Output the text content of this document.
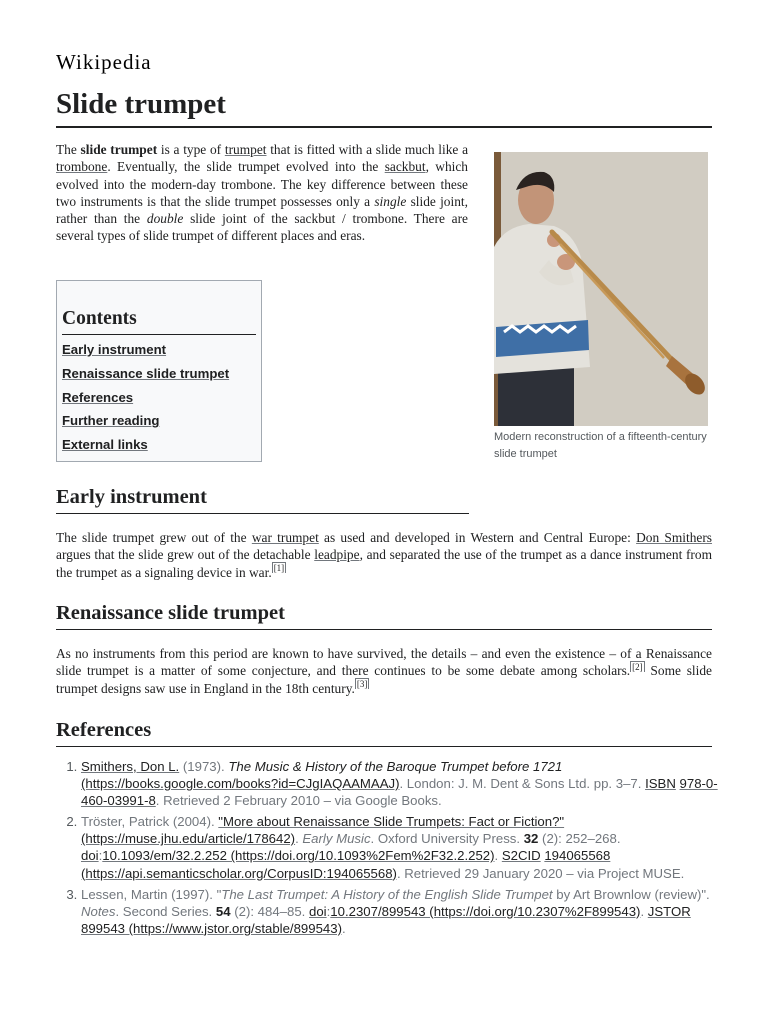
Wikipedia
Slide trumpet

The slide trumpet is a type of trumpet that is fitted with a slide much like a trombone. Eventually, the slide trumpet evolved into the sackbut, which evolved into the modern-day trombone. The key difference between these two instruments is that the slide trumpet possesses only a single slide joint, rather than the double slide joint of the sackbut / trombone. There are several types of slide trumpet of different places and eras.

Modern reconstruction of a fifteenth-century slide trumpet
Contents
Early instrument
Renaissance slide trumpet
References
Further reading
External links
Early instrument

The slide trumpet grew out of the war trumpet as used and developed in Western and Central Europe: Don Smithers argues that the slide grew out of the detachable leadpipe, and separated the use of the trumpet as a dance instrument from the trumpet as a signaling device in war. [1]

Renaissance slide trumpet

As no instruments from this period are known to have survived, the details – and even the existence – of a Renaissance slide trumpet is a matter of some conjecture, and there continues to be some debate among scholars. [2] Some slide trumpet designs saw use in England in the 18th century. [3]

References
1. Smithers, Don L. (1973). The Music & History of the Baroque Trumpet before 1721 (https://books.google.com/books?id=CJgIAQAAMAAJ). London: J. M. Dent & Sons Ltd. pp. 3–7. ISBN 978-0-460-03991-8. Retrieved 2 February 2010 – via Google Books.
2. Tröster, Patrick (2004). "More about Renaissance Slide Trumpets: Fact or Fiction?" (https://muse.jhu.edu/article/178642). Early Music. Oxford University Press. 32 (2): 252–268. doi:10.1093/em/32.2.252 (https://doi.org/10.1093%2Fem%2F32.2.252). S2CID 194065568 (https://api.semanticscholar.org/CorpusID:194065568). Retrieved 29 January 2020 – via Project MUSE.
3. Lessen, Martin (1997). "The Last Trumpet: A History of the English Slide Trumpet by Art Brownlow (review)". Notes. Second Series. 54 (2): 484–85. doi:10.2307/899543 (https://doi.org/10.2307%2F899543). JSTOR 899543 (https://www.jstor.org/stable/899543).
